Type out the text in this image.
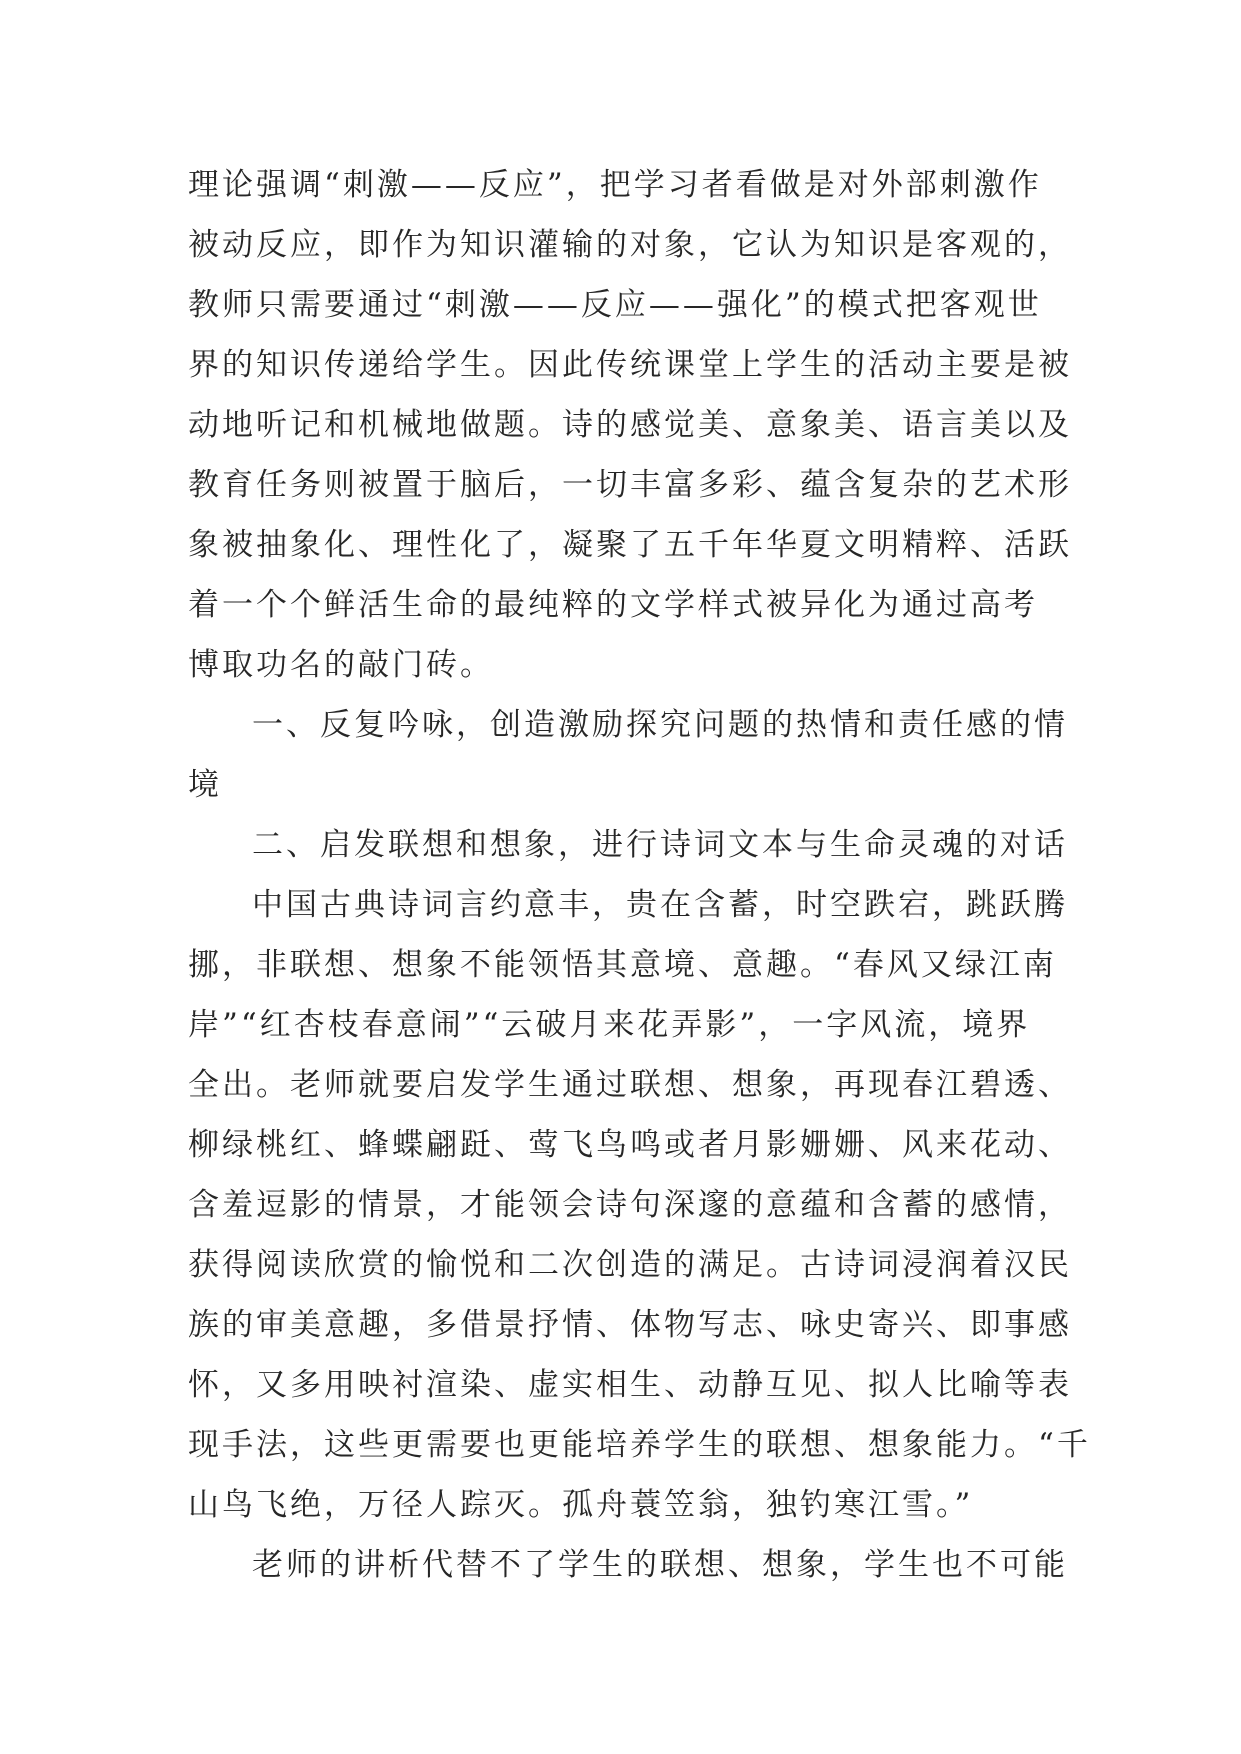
理论强调“刺激——反应”，把学习者看做是对外部刺激作
被动反应，即作为知识灌输的对象，它认为知识是客观的，
教师只需要通过“刺激——反应——强化”的模式把客观世
界的知识传递给学生。因此传统课堂上学生的活动主要是被
动地听记和机械地做题。诗的感觉美、意象美、语言美以及
教育任务则被置于脑后，一切丰富多彩、蕴含复杂的艺术形
象被抽象化、理性化了，凝聚了五千年华夏文明精粹、活跃
着一个个鲜活生命的最纯粹的文学样式被异化为通过高考
博取功名的敲门砖。
一、反复吟咏，创造激励探究问题的热情和责任感的情
境
二、启发联想和想象，进行诗词文本与生命灵魂的对话
中国古典诗词言约意丰，贵在含蓄，时空跌宕，跳跃腾
挪，非联想、想象不能领悟其意境、意趣。“春风又绿江南
岸”“红杏枝春意闹”“云破月来花弄影”，一字风流，境界
全出。老师就要启发学生通过联想、想象，再现春江碧透、
柳绿桃红、蜂蝶翩跹、莺飞鸟鸣或者月影姗姗、风来花动、
含羞逗影的情景，才能领会诗句深邃的意蕴和含蓄的感情，
获得阅读欣赏的愉悦和二次创造的满足。古诗词浸润着汉民
族的审美意趣，多借景抒情、体物写志、咏史寄兴、即事感
怀，又多用映衬渲染、虚实相生、动静互见、拟人比喻等表
现手法，这些更需要也更能培养学生的联想、想象能力。“千
山鸟飞绝，万径人踪灭。孤舟蓑笠翁，独钓寒江雪。”
老师的讲析代替不了学生的联想、想象，学生也不可能
